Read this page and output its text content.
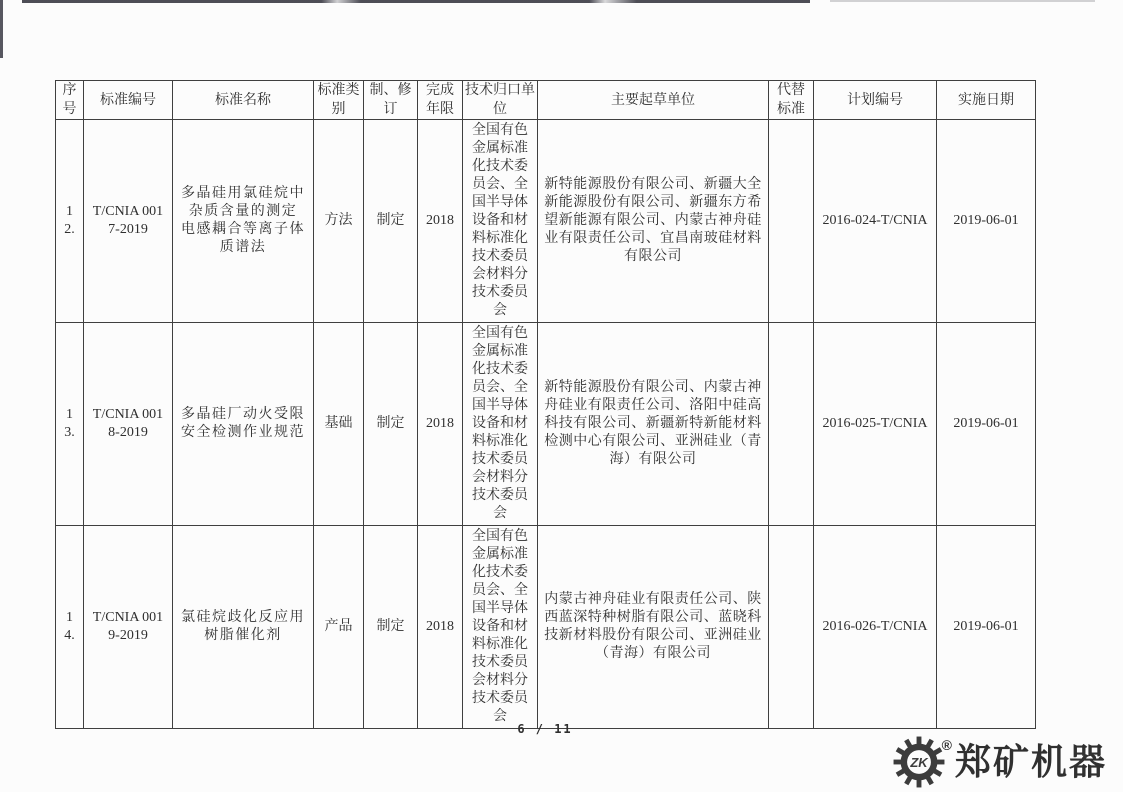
序号	标准编号	标准名称	标准类别	制、修订	完成年限	技术归口单位	主要起草单位	代替标准	计划编号	实施日期
12.	T/CNIA 0017-2019	多晶硅用氯硅烷中杂质含量的测定 电感耦合等离子体质谱法	方法	制定	2018	全国有色金属标准化技术委员会、全国半导体设备和材料标准化技术委员会材料分技术委员会	新特能源股份有限公司、新疆大全新能源股份有限公司、新疆东方希望新能源有限公司、内蒙古神舟硅业有限责任公司、宜昌南玻硅材料有限公司		2016-024-T/CNIA	2019-06-01
13.	T/CNIA 0018-2019	多晶硅厂动火受限安全检测作业规范	基础	制定	2018	全国有色金属标准化技术委员会、全国半导体设备和材料标准化技术委员会材料分技术委员会	新特能源股份有限公司、内蒙古神舟硅业有限责任公司、洛阳中硅高科技有限公司、新疆新特新能材料检测中心有限公司、亚洲硅业（青海）有限公司		2016-025-T/CNIA	2019-06-01
14.	T/CNIA 0019-2019	氯硅烷歧化反应用树脂催化剂	产品	制定	2018	全国有色金属标准化技术委员会、全国半导体设备和材料标准化技术委员会材料分技术委员会	内蒙古神舟硅业有限责任公司、陕西蓝深特种树脂有限公司、蓝晓科技新材料股份有限公司、亚洲硅业（青海）有限公司		2016-026-T/CNIA	2019-06-01
6 / 11
ZK
® 郑矿机器
